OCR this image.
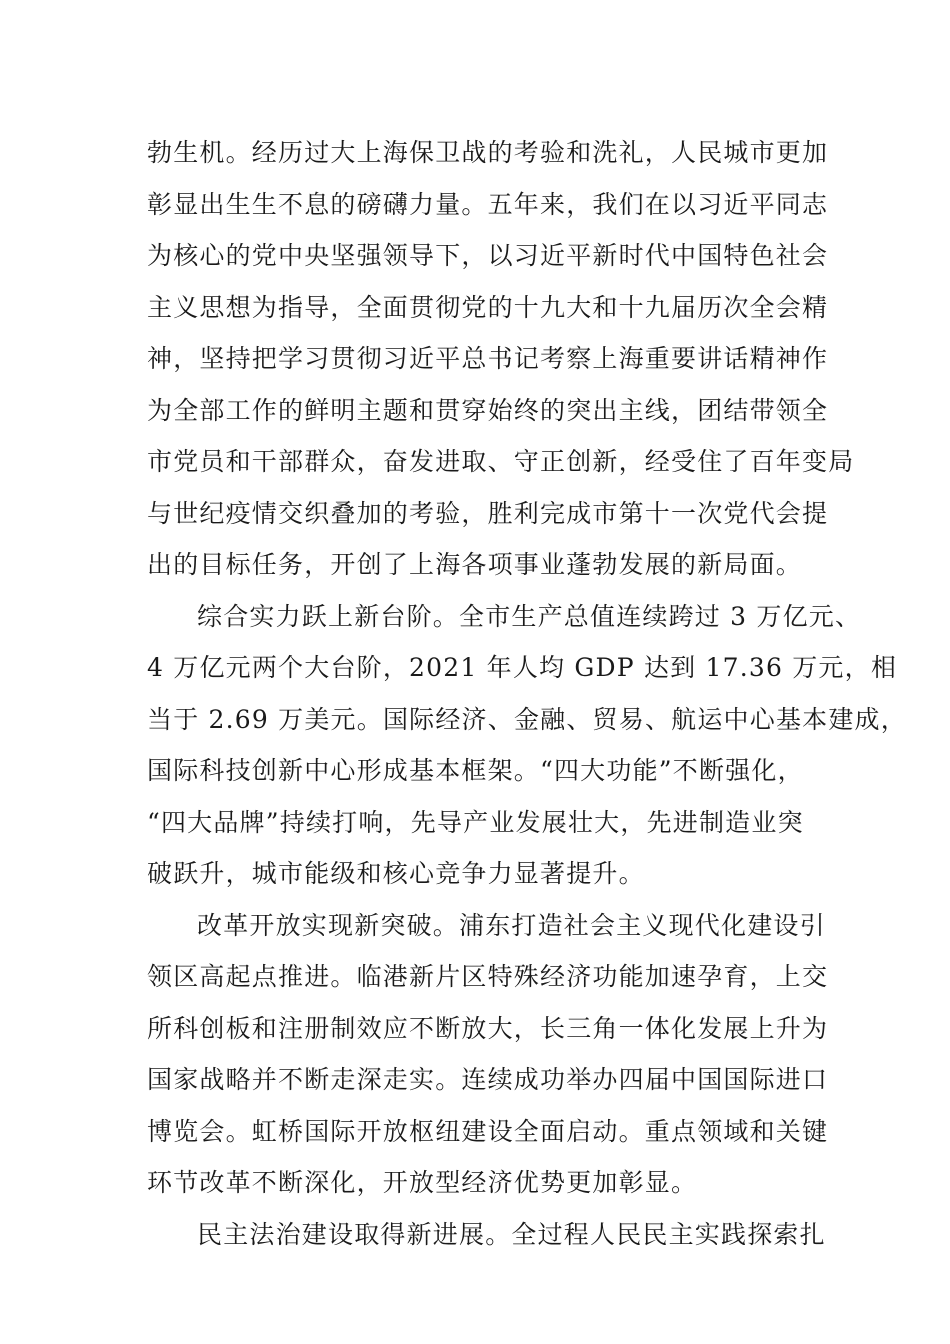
勃生机。经历过大上海保卫战的考验和洗礼，人民城市更加
彰显出生生不息的磅礴力量。五年来，我们在以习近平同志
为核心的党中央坚强领导下，以习近平新时代中国特色社会
主义思想为指导，全面贯彻党的十九大和十九届历次全会精
神，坚持把学习贯彻习近平总书记考察上海重要讲话精神作
为全部工作的鲜明主题和贯穿始终的突出主线，团结带领全
市党员和干部群众，奋发进取、守正创新，经受住了百年变局
与世纪疫情交织叠加的考验，胜利完成市第十一次党代会提
出的目标任务，开创了上海各项事业蓬勃发展的新局面。
综合实力跃上新台阶。全市生产总值连续跨过 3 万亿元、
4 万亿元两个大台阶，2021 年人均 GDP 达到 17.36 万元，相
当于 2.69 万美元。国际经济、金融、贸易、航运中心基本建成，
国际科技创新中心形成基本框架。“四大功能”不断强化，
“四大品牌”持续打响，先导产业发展壮大，先进制造业突
破跃升，城市能级和核心竞争力显著提升。
改革开放实现新突破。浦东打造社会主义现代化建设引
领区高起点推进。临港新片区特殊经济功能加速孕育，上交
所科创板和注册制效应不断放大，长三角一体化发展上升为
国家战略并不断走深走实。连续成功举办四届中国国际进口
博览会。虹桥国际开放枢纽建设全面启动。重点领域和关键
环节改革不断深化，开放型经济优势更加彰显。
民主法治建设取得新进展。全过程人民民主实践探索扎
